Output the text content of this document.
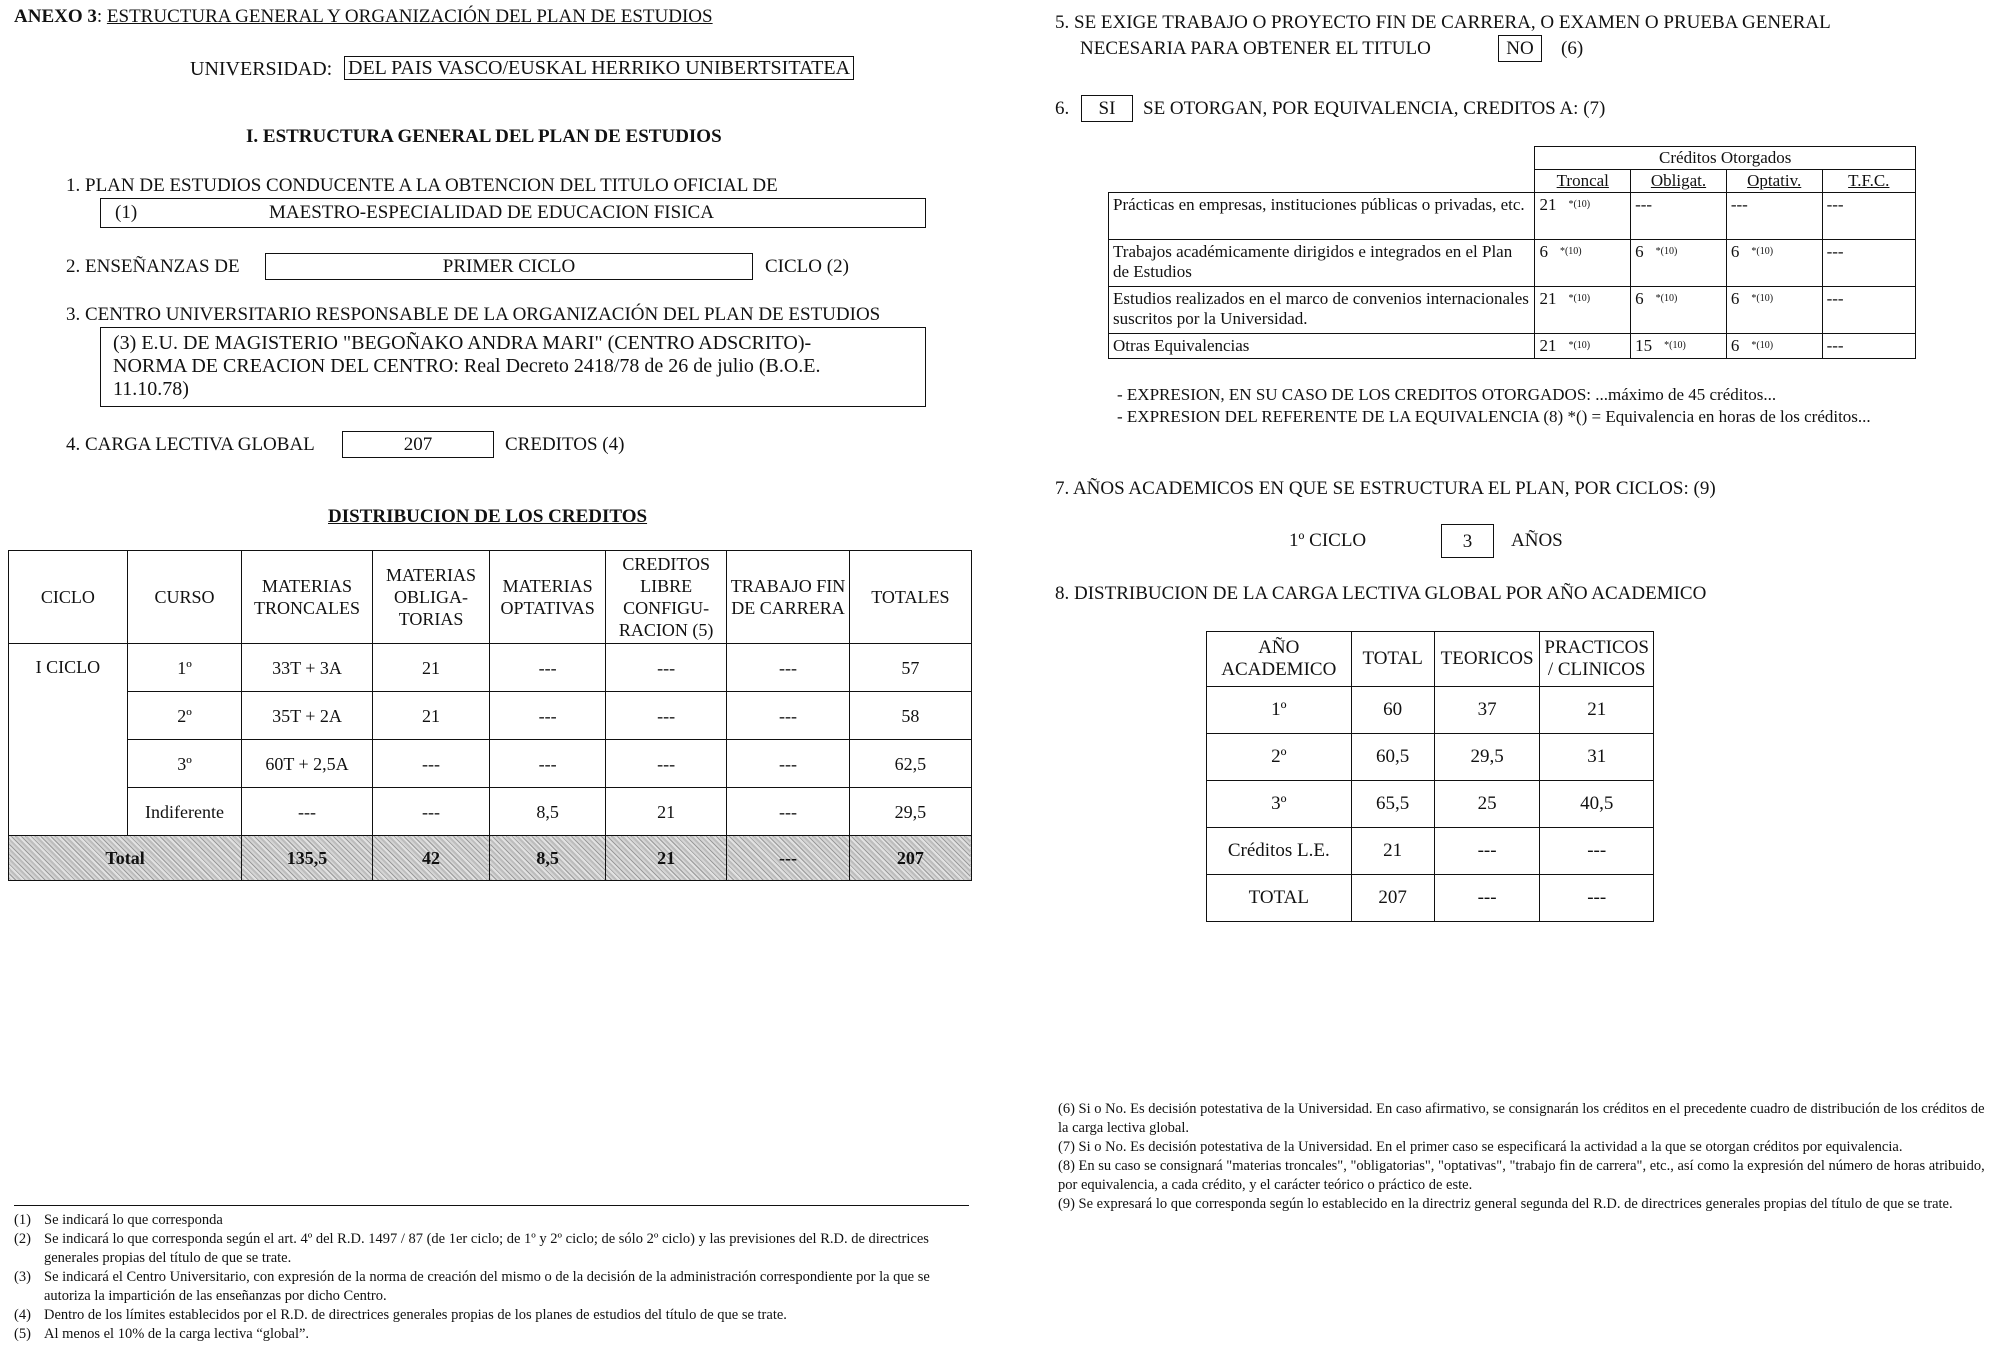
ANEXO 3: ESTRUCTURA GENERAL Y ORGANIZACIÓN DEL PLAN DE ESTUDIOS
UNIVERSIDAD: DEL PAIS VASCO/EUSKAL HERRIKO UNIBERTSITATEA
I. ESTRUCTURA GENERAL DEL PLAN DE ESTUDIOS
1. PLAN DE ESTUDIOS CONDUCENTE A LA OBTENCION DEL TITULO OFICIAL DE
(1)	MAESTRO-ESPECIALIDAD DE EDUCACION FISICA
2. ENSEÑANZAS DE	PRIMER CICLO	CICLO (2)
3. CENTRO UNIVERSITARIO RESPONSABLE DE LA ORGANIZACIÓN DEL PLAN DE ESTUDIOS
(3) E.U. DE MAGISTERIO "BEGOÑAKO ANDRA MARI" (CENTRO ADSCRITO)-
NORMA DE CREACION DEL CENTRO: Real Decreto 2418/78 de 26 de julio (B.O.E.
11.10.78)
4. CARGA LECTIVA GLOBAL	207	CREDITOS (4)
DISTRIBUCION DE LOS CREDITOS
CICLO	CURSO	MATERIAS TRONCALES	MATERIAS OBLIGA-TORIAS	MATERIAS OPTATIVAS	CREDITOS LIBRE CONFIGU-RACION (5)	TRABAJO FIN DE CARRERA	TOTALES
I CICLO	1º	33T + 3A	21	---	---	---	57
	2º	35T + 2A	21	---	---	---	58
	3º	60T + 2,5A	---	---	---	---	62,5
	Indiferente	---	---	8,5	21	---	29,5
Total		135,5	42	8,5	21	---	207
(1) Se indicará lo que corresponda
(2) Se indicará lo que corresponda según el art. 4º del R.D. 1497 / 87 (de 1er ciclo; de 1º y 2º ciclo; de sólo 2º ciclo) y las previsiones del R.D. de directrices generales propias del título de que se trate.
(3) Se indicará el Centro Universitario, con expresión de la norma de creación del mismo o de la decisión de la administración correspondiente por la que se autoriza la impartición de las enseñanzas por dicho Centro.
(4) Dentro de los límites establecidos por el R.D. de directrices generales propias de los planes de estudios del título de que se trate.
(5) Al menos el 10% de la carga lectiva “global”.
5. SE EXIGE TRABAJO O PROYECTO FIN DE CARRERA, O EXAMEN O PRUEBA GENERAL
NECESARIA PARA OBTENER EL TITULO	NO	(6)
6.	SI	SE OTORGAN, POR EQUIVALENCIA, CREDITOS A: (7)
	Créditos Otorgados			
	Troncal	Obligat.	Optativ.	T.F.C.
Prácticas en empresas, instituciones públicas o privadas, etc.	21 $^{*(10)}$	---	---	---
Trabajos académicamente dirigidos e integrados en el Plan de Estudios	6 $^{*(10)}$	6 $^{*(10)}$	6 $^{*(10)}$	---
Estudios realizados en el marco de convenios internacionales suscritos por la Universidad.	21 $^{*(10)}$	6 $^{*(10)}$	6 $^{*(10)}$	---
Otras Equivalencias	21 $^{*(10)}$	15 $^{*(10)}$	6 $^{*(10)}$	---
- EXPRESION, EN SU CASO DE LOS CREDITOS OTORGADOS: ...máximo de 45 créditos...
- EXPRESION DEL REFERENTE DE LA EQUIVALENCIA (8) *() = Equivalencia en horas de los créditos...
7. AÑOS ACADEMICOS EN QUE SE ESTRUCTURA EL PLAN, POR CICLOS: (9)
1º CICLO	3	AÑOS
8. DISTRIBUCION DE LA CARGA LECTIVA GLOBAL POR AÑO ACADEMICO
AÑO ACADEMICO	TOTAL	TEORICOS	PRACTICOS / CLINICOS
1º	60	37	21
2º	60,5	29,5	31
3º	65,5	25	40,5
Créditos L.E.	21	---	---
TOTAL	207	---	---

(6) Si o No. Es decisión potestativa de la Universidad. En caso afirmativo, se consignarán los créditos en el precedente cuadro de distribución de los créditos de la carga lectiva global.

(7) Si o No. Es decisión potestativa de la Universidad. En el primer caso se especificará la actividad a la que se otorgan créditos por equivalencia.

(8) En su caso se consignará "materias troncales", "obligatorias", "optativas", "trabajo fin de carrera", etc., así como la expresión del número de horas atribuido, por equivalencia, a cada crédito, y el carácter teórico o práctico de este.

(9) Se expresará lo que corresponda según lo establecido en la directriz general segunda del R.D. de directrices generales propias del título de que se trate.
